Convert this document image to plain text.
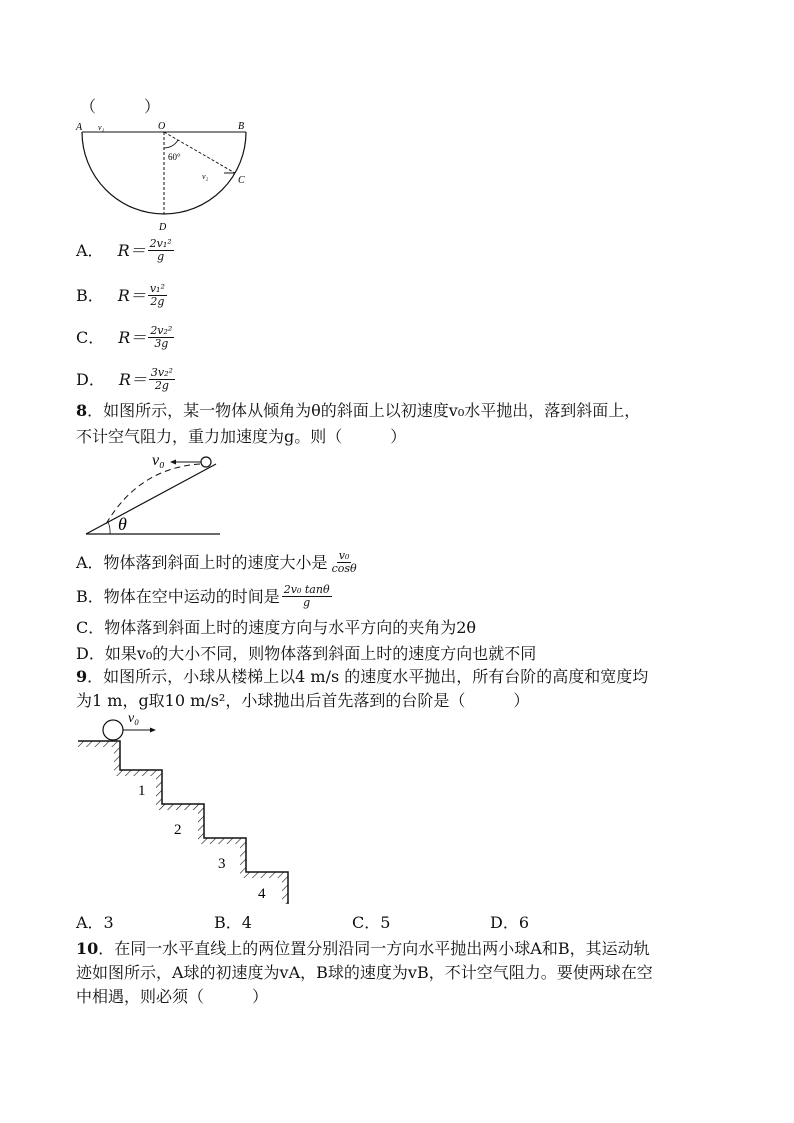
（　　　）
A v₁	O	B
60°
v₂	C
D
A． $R= \frac{\text{2v₁²}}{g}$
B． $R= \frac{\text{v₁²}}{2g}$
C． $R= \frac{\text{2v₂²}}{3g}$
D． $R= \frac{\text{3v₂²}}{2g}$
8．如图所示，某一物体从倾角为θ的斜面上以初速度v₀水平抛出，落到斜面上，
不计空气阻力，重力加速度为g。则（　　　）
v₀
θ
A．物体落到斜面上时的速度大小是 $\frac{\text{v₀}}{\cos\theta}$
B．物体在空中运动的时间是 $\frac{\text{2v₀ tanθ}}{g}$
C．物体落到斜面上时的速度方向与水平方向的夹角为2θ
D．如果v₀的大小不同，则物体落到斜面上时的速度方向也就不同
9．如图所示，小球从楼梯上以4 m/s 的速度水平抛出，所有台阶的高度和宽度均
为1 m，g取10 m/s²，小球抛出后首先落到的台阶是（　　　）
v₀
1
2
3
4
A．3	B．4	C．5	D．6
10．在同一水平直线上的两位置分别沿同一方向水平抛出两小球A和B，其运动轨
迹如图所示，A球的初速度为vA，B球的速度为vB，不计空气阻力。要使两球在空
中相遇，则必须（　　　）
